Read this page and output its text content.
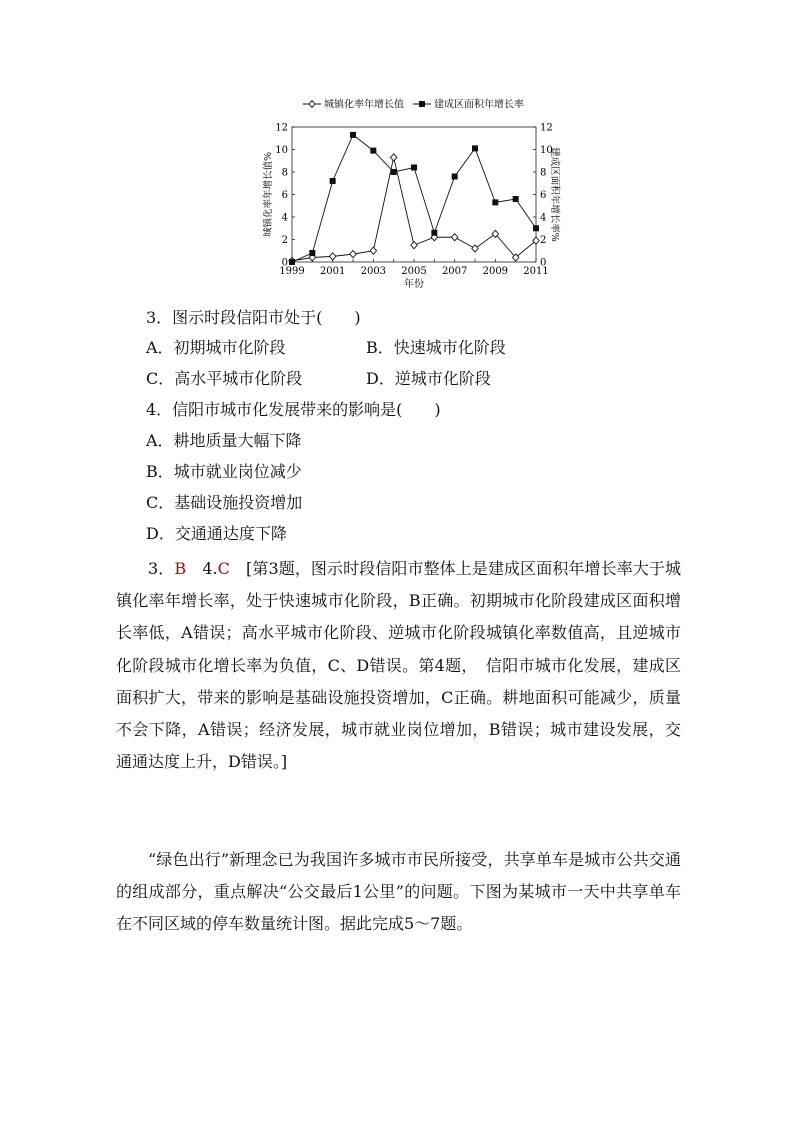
0	0
2	2
4	4
6	6
8	8
10	10
12	12
1999 2001 2003 2005 2007 2009 2011
年份
城镇化率年增长值%	建成区面积年增长率%
城镇化率年增长值	建成区面积年增长率
3．图示时段信阳市处于(　　)
A．初期城市化阶段	B．快速城市化阶段
C．高水平城市化阶段	D．逆城市化阶段
4．信阳市城市化发展带来的影响是(　　)
A．耕地质量大幅下降
B．城市就业岗位减少
C．基础设施投资增加
D．交通通达度下降
3．B　4.C　[第3题，图示时段信阳市整体上是建成区面积年增长率大于城镇化率年增长率，处于快速城市化阶段，B正确。初期城市化阶段建成区面积增长率低，A错误；高水平城市化阶段、逆城市化阶段城镇化率数值高，且逆城市化阶段城市化增长率为负值，C、D错误。第4题，　信阳市城市化发展，建成区面积扩大，带来的影响是基础设施投资增加，C正确。耕地面积可能减少，质量不会下降，A错误；经济发展，城市就业岗位增加，B错误；城市建设发展，交通通达度上升，D错误。]
“绿色出行”新理念已为我国许多城市市民所接受，共享单车是城市公共交通的组成部分，重点解决“公交最后1公里”的问题。下图为某城市一天中共享单车在不同区域的停车数量统计图。据此完成5～7题。
